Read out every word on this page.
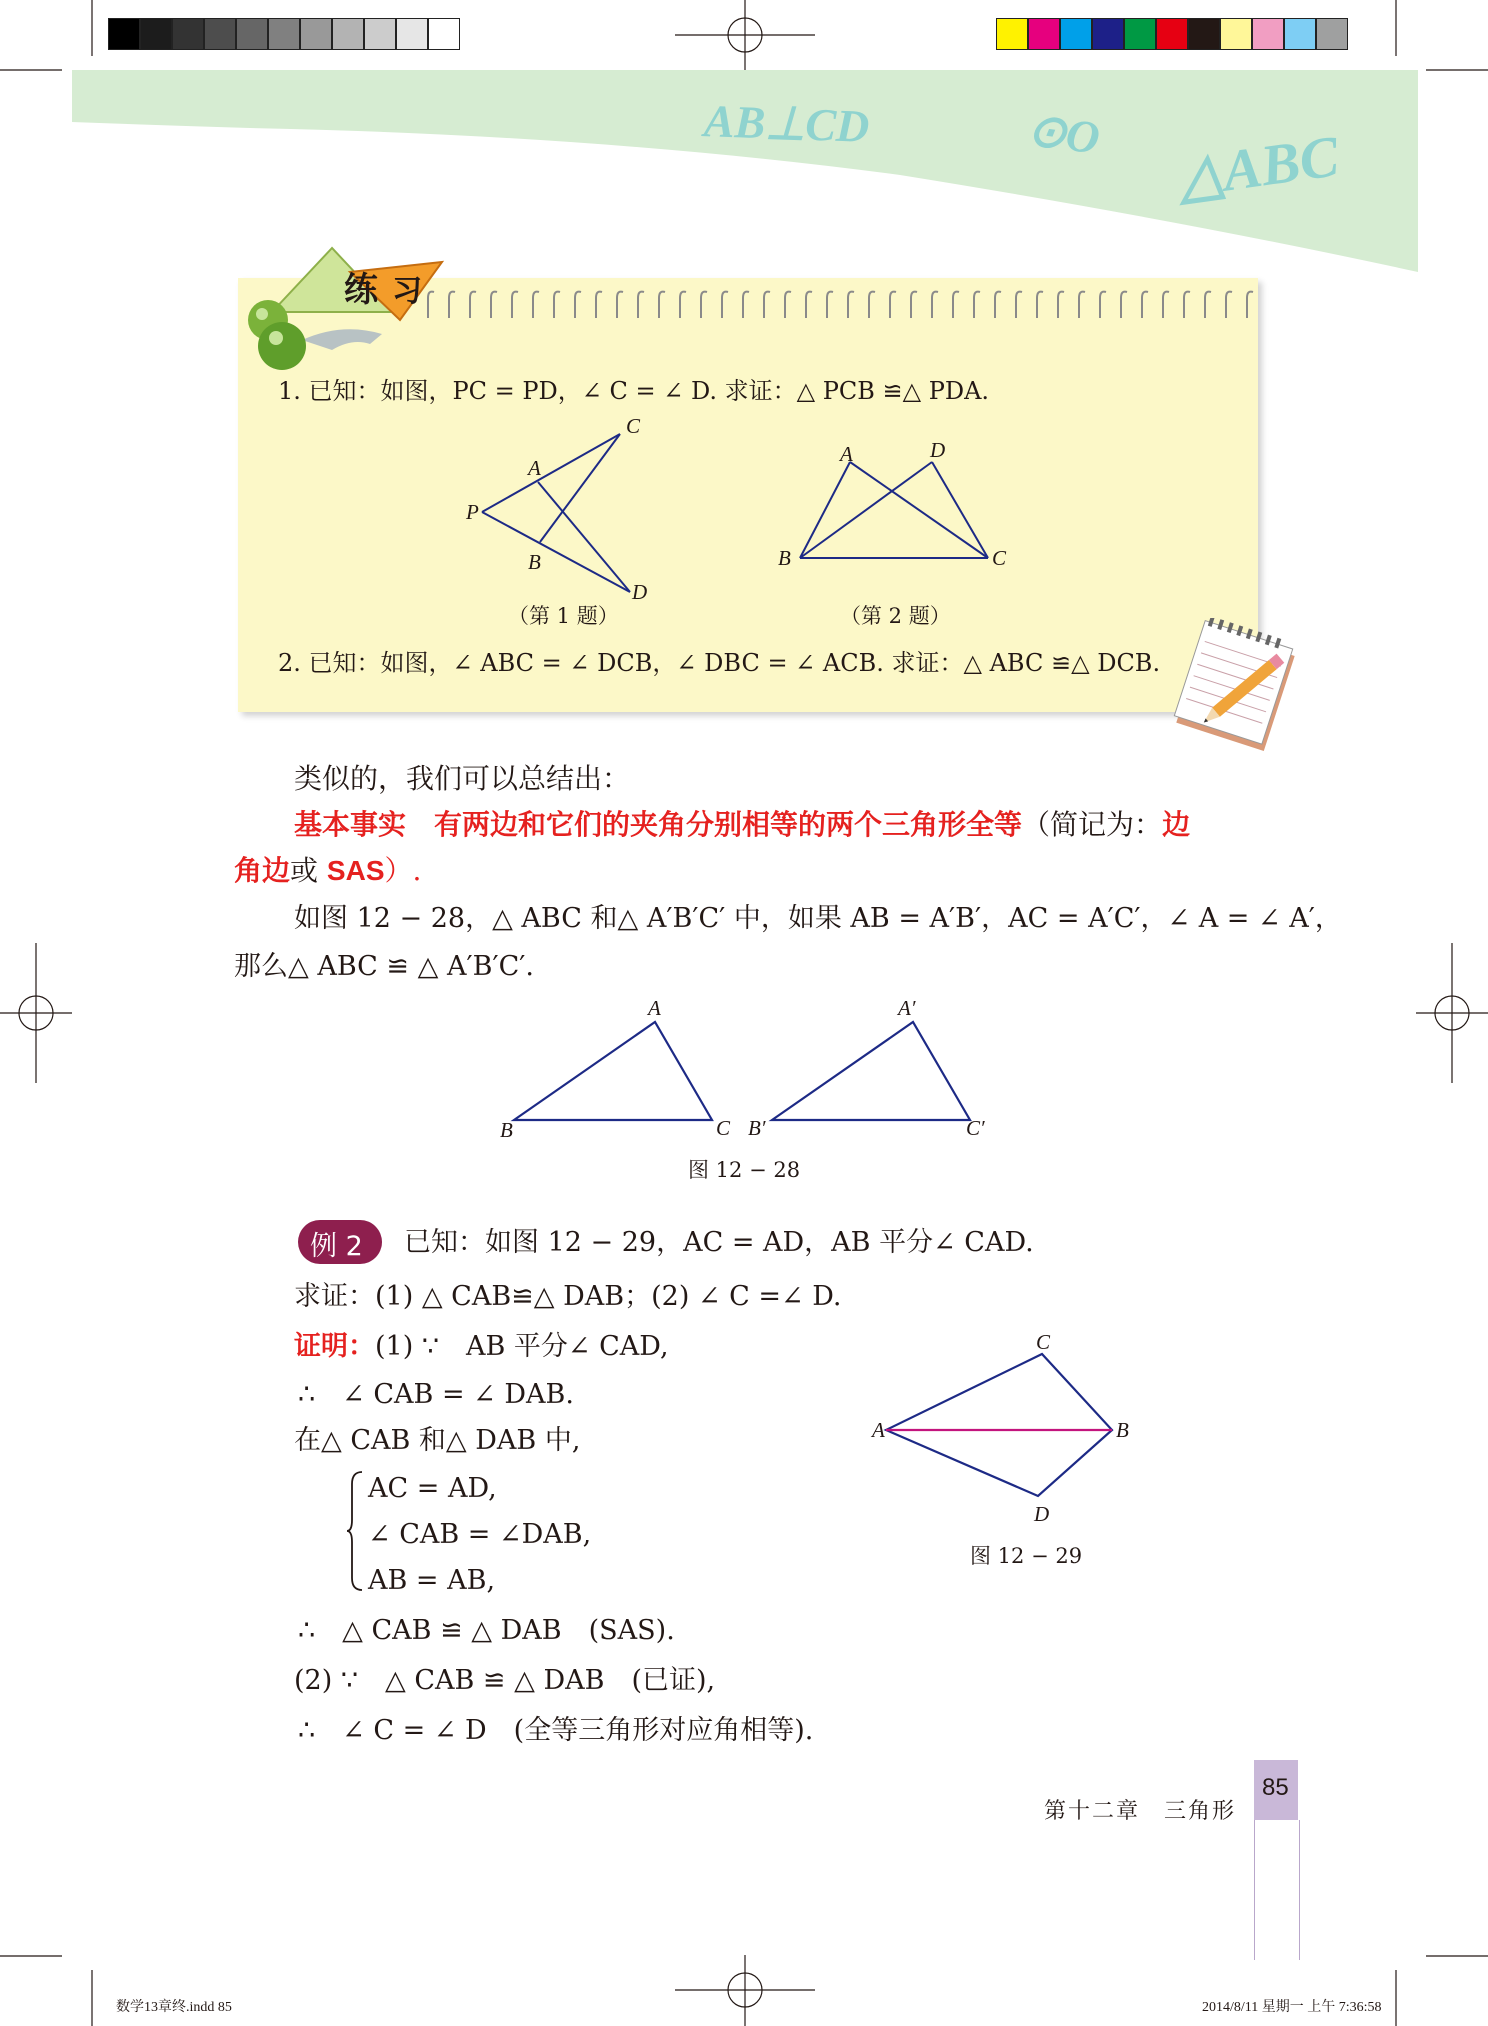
AB⊥CD	⊙O △ABC
练 习
1. 已知：如图，PC = PD，∠ C = ∠ D. 求证：△ PCB ≌△ PDA.
C
A
P
B
D
（第 1 题）
A	D
B	C
（第 2 题）
2. 已知：如图，∠ ABC = ∠ DCB，∠ DBC = ∠ ACB. 求证：△ ABC ≌△ DCB.
类似的，我们可以总结出：
基本事实　 有两边和它们的夹角分别相等的两个三角形全等（简记为：边
角边或 SAS）.
如图 12 − 28，△ ABC 和△ A′B′C′ 中，如果 AB = A′B′，AC = A′C′，∠ A = ∠ A′，
那么△ ABC ≌ △ A′B′C′.
A
B	C
A′
B′	C′
图 12 − 28
例 2 已知：如图 12 − 29，AC = AD，AB 平分∠ CAD.
求证：(1) △ CAB≌△ DAB；(2) ∠ C =∠ D.
证明：(1) ∵　AB 平分∠ CAD,
∴　∠ CAB = ∠ DAB.
在△ CAB 和△ DAB 中,
AC = AD,
∠ CAB = ∠DAB,
AB = AB,
∴　△ CAB ≌ △ DAB　(SAS).
(2) ∵　△ CAB ≌ △ DAB　(已证),
∴　∠ C = ∠ D　(全等三角形对应角相等).
C
A	B
D
图 12 − 29
第十二章　三角形
85
数学13章终.indd 85	2014/8/11 星期一 上午 7:36:58
